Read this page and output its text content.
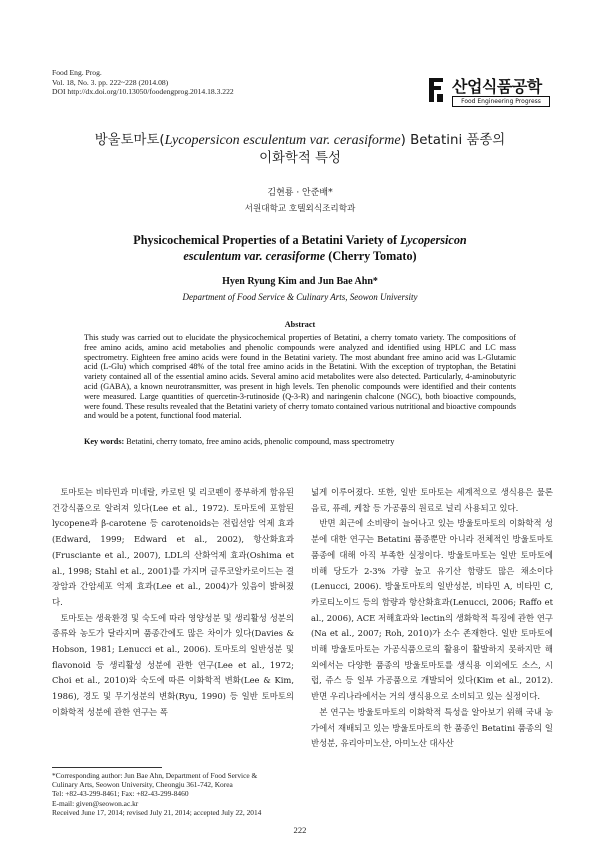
Food Eng. Prog.
Vol. 18, No. 3. pp. 222~228 (2014.08)
DOI http://dx.doi.org/10.13050/foodengprog.2014.18.3.222	산업식품공학
Food Engineering Progress
방울토마토(Lycopersicon esculentum var. cerasiforme) Betatini 품종의
이화학적 특성
김현룡 · 안준배*
서원대학교 호텔외식조리학과
Physicochemical Properties of a Betatini Variety of Lycopersicon
esculentum var. cerasiforme (Cherry Tomato)
Hyen Ryung Kim and Jun Bae Ahn*
Department of Food Service & Culinary Arts, Seowon University
Abstract
This study was carried out to elucidate the physicochemical properties of Betatini, a cherry tomato variety. The compositions of free amino acids, amino acid metabolies and phenolic compounds were analyzed and identified using HPLC and LC mass spectrometry. Eighteen free amino acids were found in the Betatini variety. The most abundant free amino acid was L-Glutamic acid (L-Glu) which comprised 48% of the total free amino acids in the Betatini. With the exception of tryptophan, the Betatini variety contained all of the essential amino acids. Several amino acid metabolites were also detected. Particularly, 4-aminobutyric acid (GABA), a known neurotransmitter, was present in high levels. Ten phenolic compounds were identified and their contents were measured. Large quantities of quercetin-3-rutinoside (Q-3-R) and naringenin chalcone (NGC), both bioactive compounds, were found. These results revealed that the Betatini variety of cherry tomato contained various nutritional and bioactive compounds and would be a potent, functional food material.
Key words: Betatini, cherry tomato, free amino acids, phenolic compound, mass spectrometry

토마토는 비타민과 미네랄, 카로틴 및 리코펜이 풍부하게 함유된 건강식품으로 알려져 있다(Lee et al., 1972). 토마토에 포함된 lycopene과 β-carotene 등 carotenoids는 전립선암 억제 효과(Edward, 1999; Edward et al., 2002), 항산화효과(Frusciante et al., 2007), LDL의 산화억제 효과(Oshima et al., 1998; Stahl et al., 2001)를 가지며 글루코알카로이드는 결장암과 간암세포 억제 효과(Lee et al., 2004)가 있음이 밝혀졌다.

토마토는 생육환경 및 숙도에 따라 영양성분 및 생리활성 성분의 종류와 농도가 달라지며 품종간에도 많은 차이가 있다(Davies & Hobson, 1981; Lenucci et al., 2006). 토마토의 일반성분 및 flavonoid 등 생리활성 성분에 관한 연구(Lee et al., 1972; Choi et al., 2010)와 숙도에 따른 이화학적 변화(Lee & Kim, 1986), 경도 및 무기성분의 변화(Ryu, 1990) 등 일반 토마토의 이화학적 성분에 관한 연구는 폭

넓게 이루어졌다. 또한, 일반 토마토는 세계적으로 생식용은 물론 음료, 퓨레, 케찹 등 가공품의 원료로 널리 사용되고 있다.

반면 최근에 소비량이 늘어나고 있는 방울토마토의 이화학적 성분에 대한 연구는 Betatini 품종뿐만 아니라 전체적인 방울토마토 품종에 대해 아직 부족한 실정이다. 방울토마토는 일반 토마토에 비해 당도가 2-3% 가량 높고 유기산 함량도 많은 채소이다(Lenucci, 2006). 방울토마토의 일반성분, 비타민 A, 비타민 C, 카로티노이드 등의 함량과 항산화효과(Lenucci, 2006; Raffo et al., 2006), ACE 저해효과와 lectin의 생화학적 특징에 관한 연구(Na et al., 2007; Roh, 2010)가 소수 존재한다. 일반 토마토에 비해 방울토마토는 가공식품으로의 활용이 활발하지 못하지만 해외에서는 다양한 품종의 방울토마토를 생식용 이외에도 소스, 시럽, 쥬스 등 일부 가공품으로 개발되어 있다(Kim et al., 2012). 반면 우리나라에서는 거의 생식용으로 소비되고 있는 실정이다.

본 연구는 방울토마토의 이화학적 특성을 알아보기 위해 국내 농가에서 재배되고 있는 방울토마토의 한 품종인 Betatini 품종의 일반성분, 유리아미노산, 아미노산 대사산

*Corresponding author: Jun Bae Ahn, Department of Food Service &
Culinary Arts, Seowon University, Cheongju 361-742, Korea
Tel: +82-43-299-8461; Fax: +82-43-299-8460
E-mail: given@seowon.ac.kr
Received June 17, 2014; revised July 21, 2014; accepted July 22, 2014
222
